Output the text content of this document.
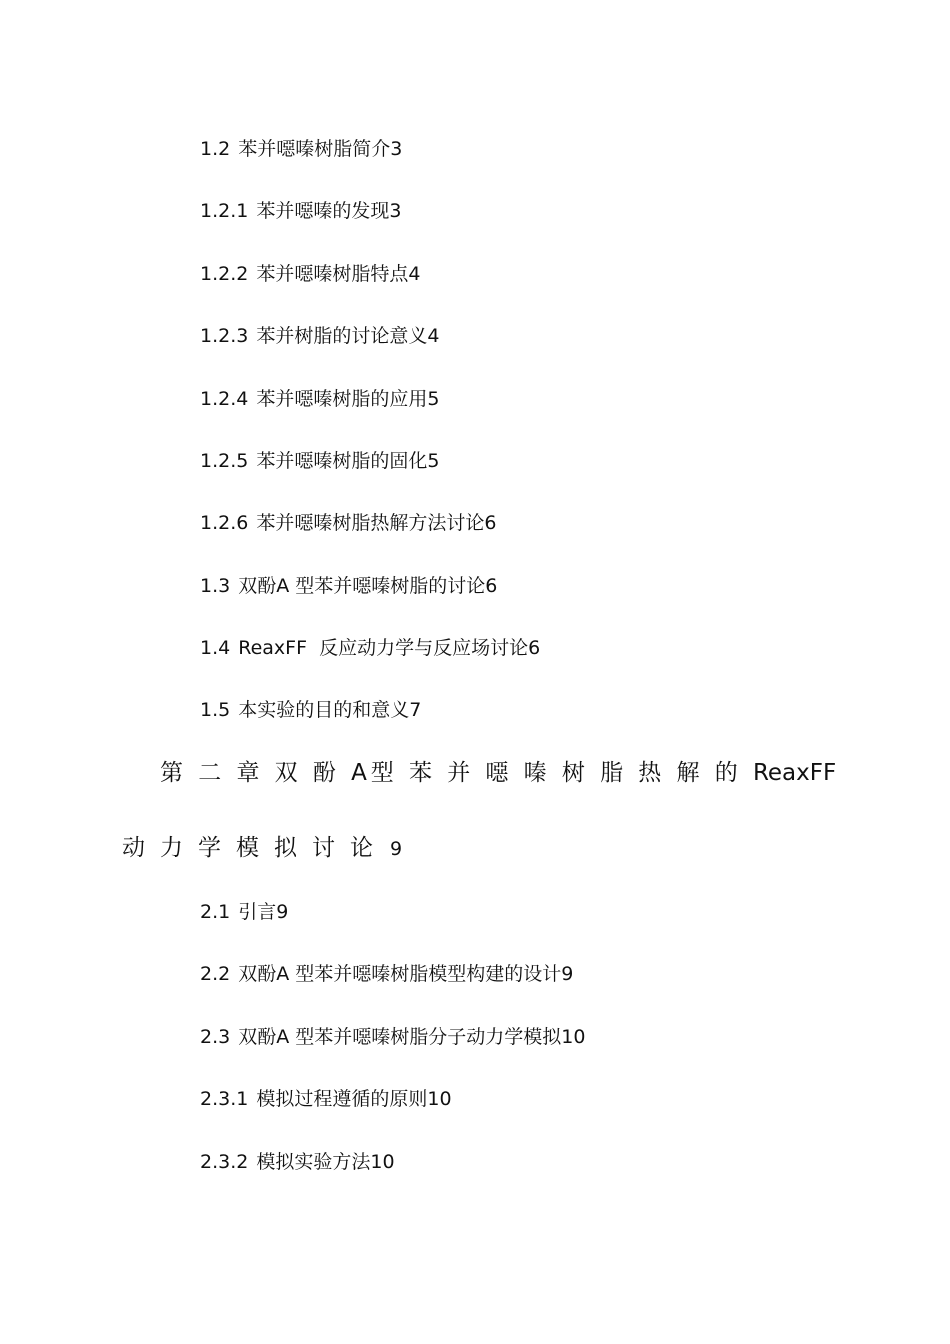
1.2 苯并噁嗪树脂简介3
1.2.1 苯并噁嗪的发现3
1.2.2 苯并噁嗪树脂特点4
1.2.3 苯并树脂的讨论意义4
1.2.4 苯并噁嗪树脂的应用5
1.2.5 苯并噁嗪树脂的固化5
1.2.6 苯并噁嗪树脂热解方法讨论6
1.3 双酚A 型苯并噁嗪树脂的讨论6
1.4 ReaxFF  反应动力学与反应场讨论6
1.5 本实验的目的和意义7
第 二 章 双 酚 A型 苯 并 噁 嗪 树 脂 热 解 的 ReaxFF
动力学模拟讨论 9
2.1 引言9
2.2 双酚A 型苯并噁嗪树脂模型构建的设计9
2.3 双酚A 型苯并噁嗪树脂分子动力学模拟10
2.3.1 模拟过程遵循的原则10
2.3.2 模拟实验方法10
